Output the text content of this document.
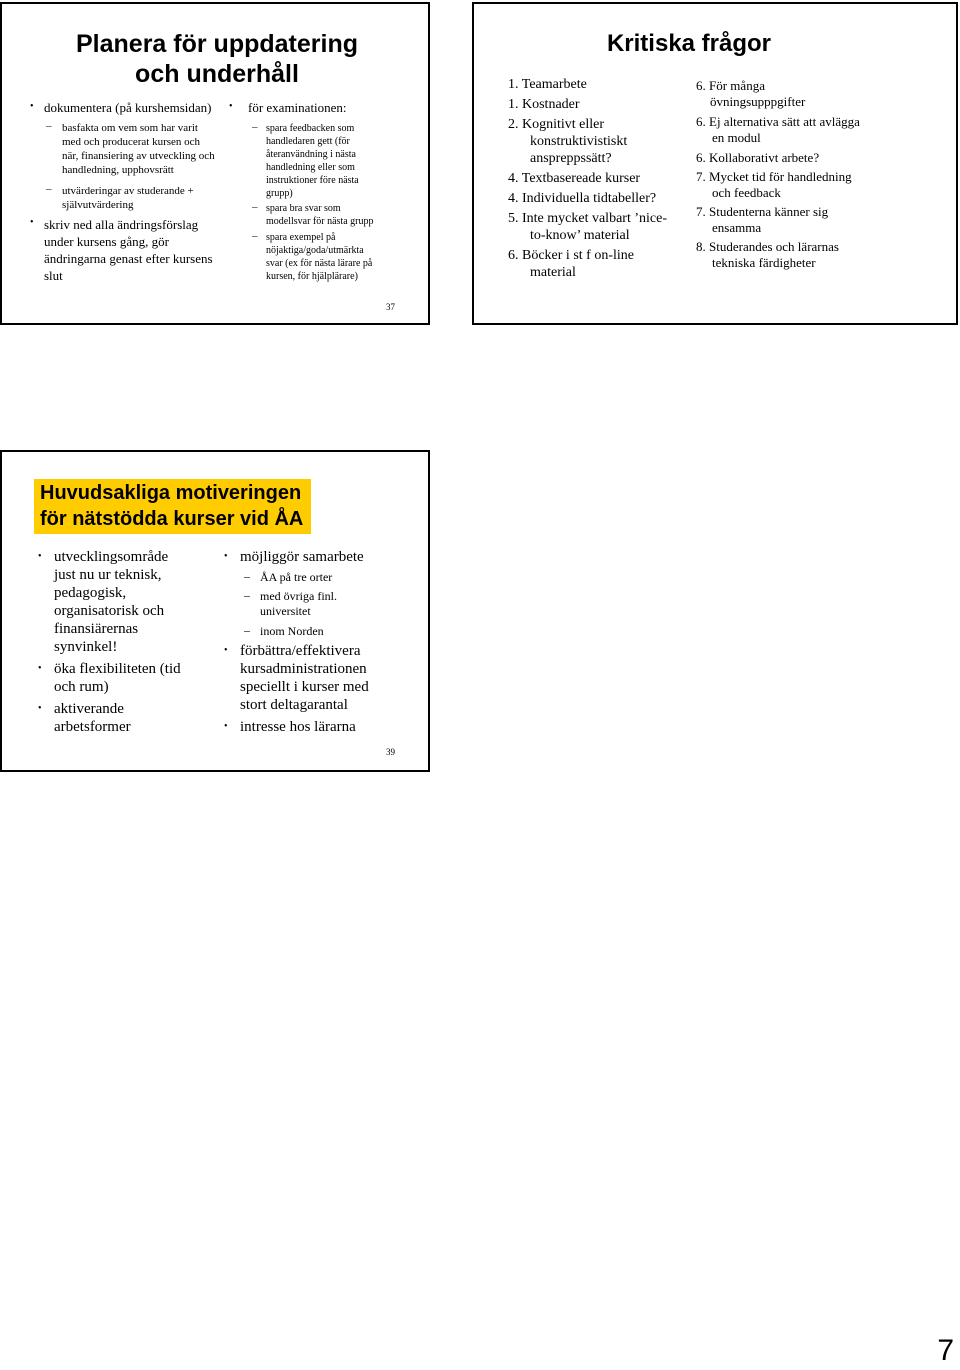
Planera för uppdatering
och underhåll
• dokumentera (på kurshemsidan)
– basfakta om vem som har varit
med och producerat kursen och
när, finansiering av utveckling och
handledning, upphovsrätt
– utvärderingar av studerande +
självutvärdering
• skriv ned alla ändringsförslag
under kursens gång, gör
ändringarna genast efter kursens
slut
• för examinationen:
– spara feedbacken som
handledaren gett (för
återanvändning i nästa
handledning eller som
instruktioner före nästa
grupp)
– spara bra svar som
modellsvar för nästa grupp
– spara exempel på
nöjaktiga/goda/utmärkta
svar (ex för nästa lärare på
kursen, för hjälplärare)
37
Kritiska frågor
1. Teamarbete
1. Kostnader
2. Kognitivt eller
konstruktivistiskt
anspreppssätt?
4. Textbasereade kurser
4. Individuella tidtabeller?
5. Inte mycket valbart ’nice-
to-know’ material
6. Böcker i st f on-line
material
6. För många
övningsupppgifter
6. Ej alternativa sätt att avlägga
en modul
6. Kollaborativt arbete?
7. Mycket tid för handledning
och feedback
7. Studenterna känner sig
ensamma
8. Studerandes och lärarnas
tekniska färdigheter
Huvudsakliga motiveringen
för nätstödda kurser vid ÅA
• utvecklingsområde
just nu ur teknisk,
pedagogisk,
organisatorisk och
finansiärernas
synvinkel!
• öka flexibiliteten (tid
och rum)
• aktiverande
arbetsformer
• möjliggör samarbete
– ÅA på tre orter
– med övriga finl.
universitet
– inom Norden
• förbättra/effektivera
kursadministrationen
speciellt i kurser med
stort deltagarantal
• intresse hos lärarna
39
7
